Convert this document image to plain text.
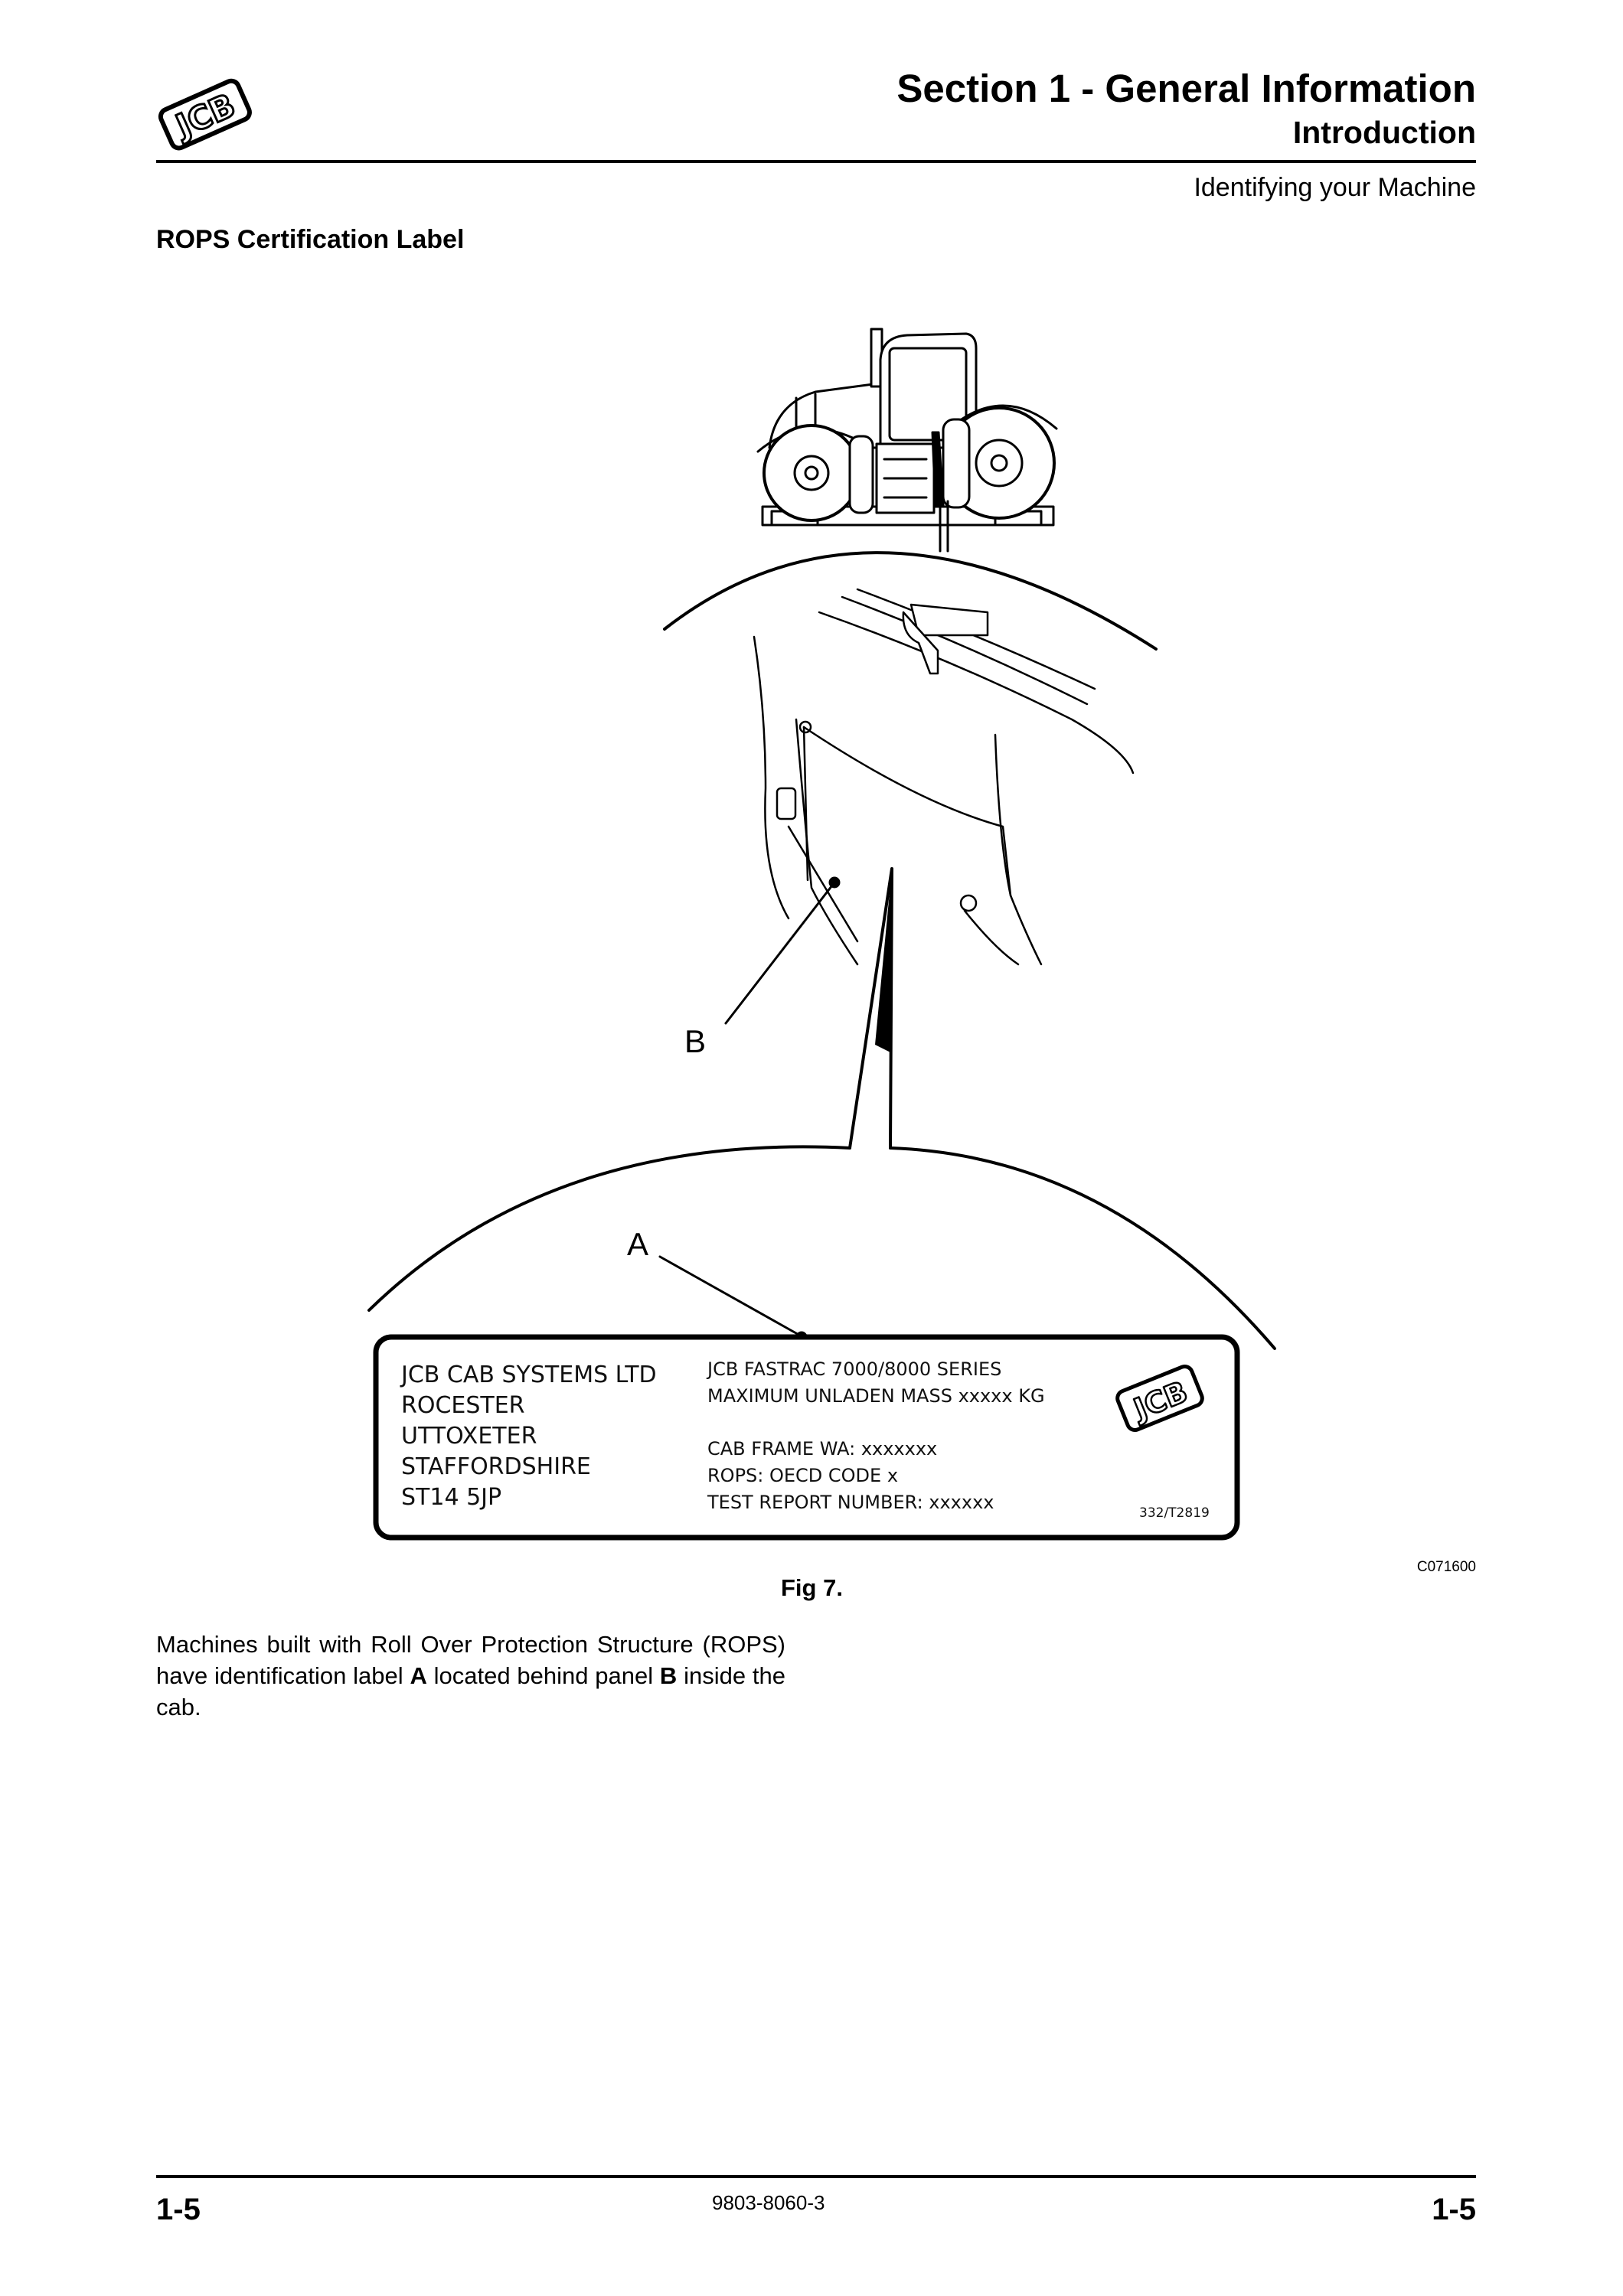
JCB	Section 1 - General Information
Introduction
Identifying your Machine
ROPS Certification Label
B
A
JCB CAB SYSTEMS LTD
ROCESTER
UTTOXETER
STAFFORDSHIRE
ST14 5JP
JCB FASTRAC 7000/8000 SERIES
MAXIMUM UNLADEN MASS xxxxx KG
CAB FRAME WA: xxxxxxx
ROPS: OECD CODE x
TEST REPORT NUMBER: xxxxxx	332/T2819
JCB
C071600
Fig 7.

Machines built with Roll Over Protection Structure (ROPS) have identification label A located behind panel B inside the cab.

1-5	9803-8060-3	1-5
